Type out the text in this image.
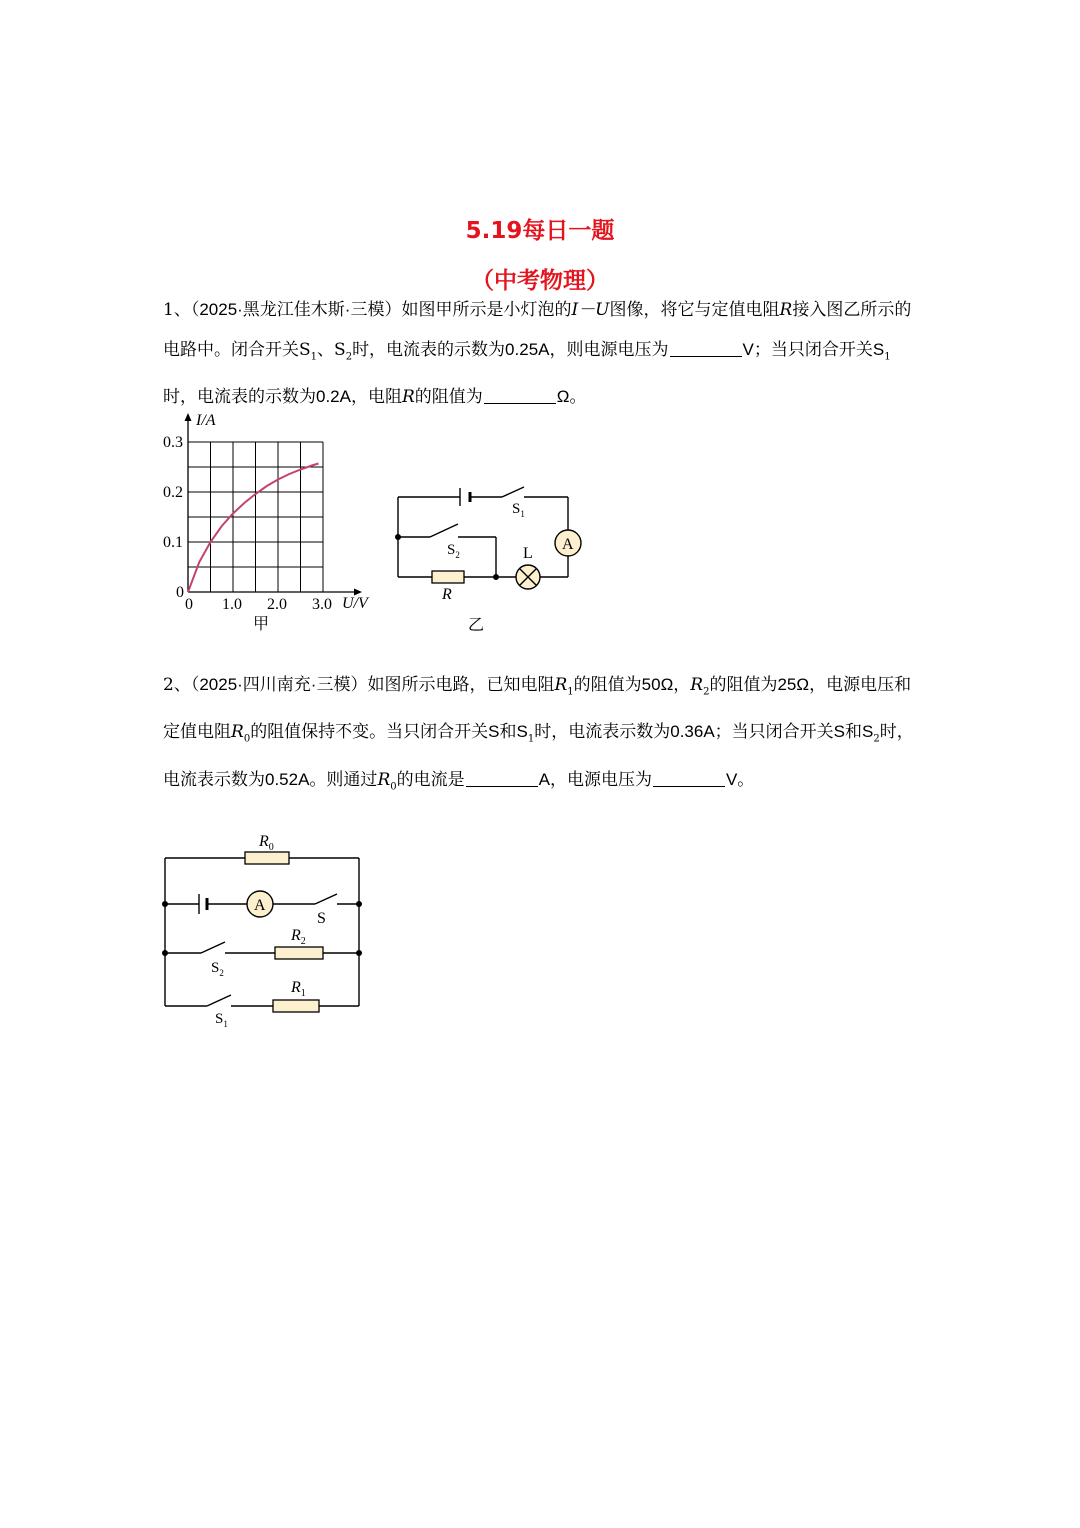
5.19每日一题
（中考物理）
1、（2025·黑龙江佳木斯·三模）如图甲所示是小灯泡的I－U图像，将它与定值电阻R接入图乙所示的电路中。闭合开关$S_1$、$S_2$时，电流表的示数为0.25A，则电源电压为	V；当只闭合开关$S_1$时，电流表的示数为0.2A，电阻R的阻值为	Ω。
0 1.0 2.0 3.0
0.1
0.2
0.3
I/A
U/V
0
甲
A
$S_1$
$S_2$	L
R
乙
2、（2025·四川南充·三模）如图所示电路，已知电阻$R_1$的阻值为50Ω，$R_2$的阻值为25Ω，电源电压和定值电阻$R_0$的阻值保持不变。当只闭合开关S和$S_1$时，电流表示数为0.36A；当只闭合开关S和$S_2$时，电流表示数为0.52A。则通过$R_0$的电流是	A，电源电压为	V。
A
$R_0$
S
$R_2$
$S_2$
$R_1$
$S_1$
